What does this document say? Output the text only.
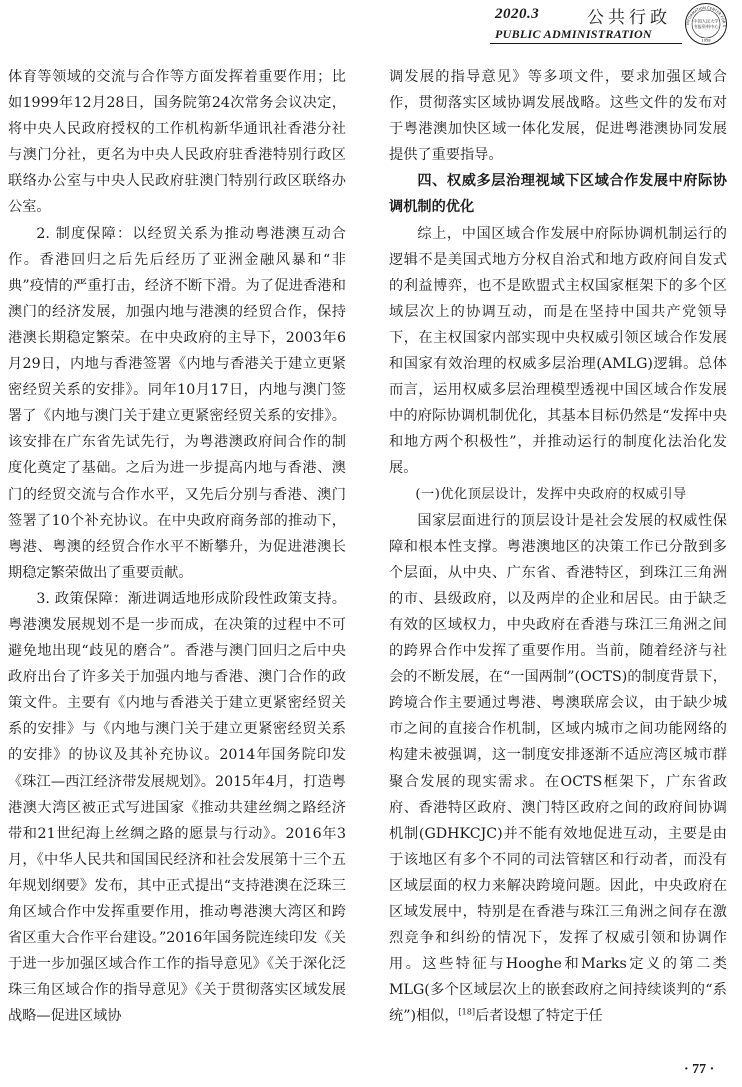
2020.3	公共行政
PUBLIC ADMINISTRATION
INFORMATION CENTER FOR S
中国人民大学
书报资料中心
1958

体育等领域的交流与合作等方面发挥着重要作用；比如1999年12月28日，国务院第24次常务会议决定，将中央人民政府授权的工作机构新华通讯社香港分社与澳门分社，更名为中央人民政府驻香港特别行政区联络办公室与中央人民政府驻澳门特别行政区联络办公室。

2. 制度保障：以经贸关系为推动粤港澳互动合作。香港回归之后先后经历了亚洲金融风暴和“非典”疫情的严重打击，经济不断下滑。为了促进香港和澳门的经济发展，加强内地与港澳的经贸合作，保持港澳长期稳定繁荣。在中央政府的主导下，2003年6月29日，内地与香港签署《内地与香港关于建立更紧密经贸关系的安排》。同年10月17日，内地与澳门签署了《内地与澳门关于建立更紧密经贸关系的安排》。该安排在广东省先试先行，为粤港澳政府间合作的制度化奠定了基础。之后为进一步提高内地与香港、澳门的经贸交流与合作水平，又先后分别与香港、澳门签署了10个补充协议。在中央政府商务部的推动下，粤港、粤澳的经贸合作水平不断攀升，为促进港澳长期稳定繁荣做出了重要贡献。

3. 政策保障：渐进调适地形成阶段性政策支持。粤港澳发展规划不是一步而成，在决策的过程中不可避免地出现“歧见的磨合”。香港与澳门回归之后中央政府出台了许多关于加强内地与香港、澳门合作的政策文件。主要有《内地与香港关于建立更紧密经贸关系的安排》与《内地与澳门关于建立更紧密经贸关系的安排》的协议及其补充协议。2014年国务院印发《珠江—西江经济带发展规划》。2015年4月，打造粤港澳大湾区被正式写进国家《推动共建丝绸之路经济带和21世纪海上丝绸之路的愿景与行动》。2016年3月，《中华人民共和国国民经济和社会发展第十三个五年规划纲要》发布，其中正式提出“支持港澳在泛珠三角区域合作中发挥重要作用，推动粤港澳大湾区和跨省区重大合作平台建设。”2016年国务院连续印发《关于进一步加强区域合作工作的指导意见》《关于深化泛珠三角区域合作的指导意见》《关于贯彻落实区域发展战略—促进区域协

调发展的指导意见》等多项文件，要求加强区域合作，贯彻落实区域协调发展战略。这些文件的发布对于粤港澳加快区域一体化发展，促进粤港澳协同发展提供了重要指导。

四、权威多层治理视域下区域合作发展中府际协调机制的优化

综上，中国区域合作发展中府际协调机制运行的逻辑不是美国式地方分权自治式和地方政府间自发式的利益博弈，也不是欧盟式主权国家框架下的多个区域层次上的协调互动，而是在坚持中国共产党领导下，在主权国家内部实现中央权威引领区域合作发展和国家有效治理的权威多层治理(AMLG)逻辑。总体而言，运用权威多层治理模型透视中国区域合作发展中的府际协调机制优化，其基本目标仍然是“发挥中央和地方两个积极性”，并推动运行的制度化法治化发展。

(一)优化顶层设计，发挥中央政府的权威引导

国家层面进行的顶层设计是社会发展的权威性保障和根本性支撑。粤港澳地区的决策工作已分散到多个层面，从中央、广东省、香港特区，到珠江三角洲的市、县级政府，以及两岸的企业和居民。由于缺乏有效的区域权力，中央政府在香港与珠江三角洲之间的跨界合作中发挥了重要作用。当前，随着经济与社会的不断发展，在“一国两制”(OCTS)的制度背景下，跨境合作主要通过粤港、粤澳联席会议，由于缺少城市之间的直接合作机制，区域内城市之间功能网络的构建未被强调，这一制度安排逐渐不适应湾区城市群聚合发展的现实需求。在OCTS框架下，广东省政府、香港特区政府、澳门特区政府之间的政府间协调机制(GDHKCJC)并不能有效地促进互动，主要是由于该地区有多个不同的司法管辖区和行动者，而没有区域层面的权力来解决跨境问题。因此，中央政府在区域发展中，特别是在香港与珠江三角洲之间存在激烈竞争和纠纷的情况下，发挥了权威引领和协调作用。这些特征与Hooghe和Marks定义的第二类MLG(多个区域层次上的嵌套政府之间持续谈判的“系统”)相似，[18]后者设想了特定于任

· 77 ·
